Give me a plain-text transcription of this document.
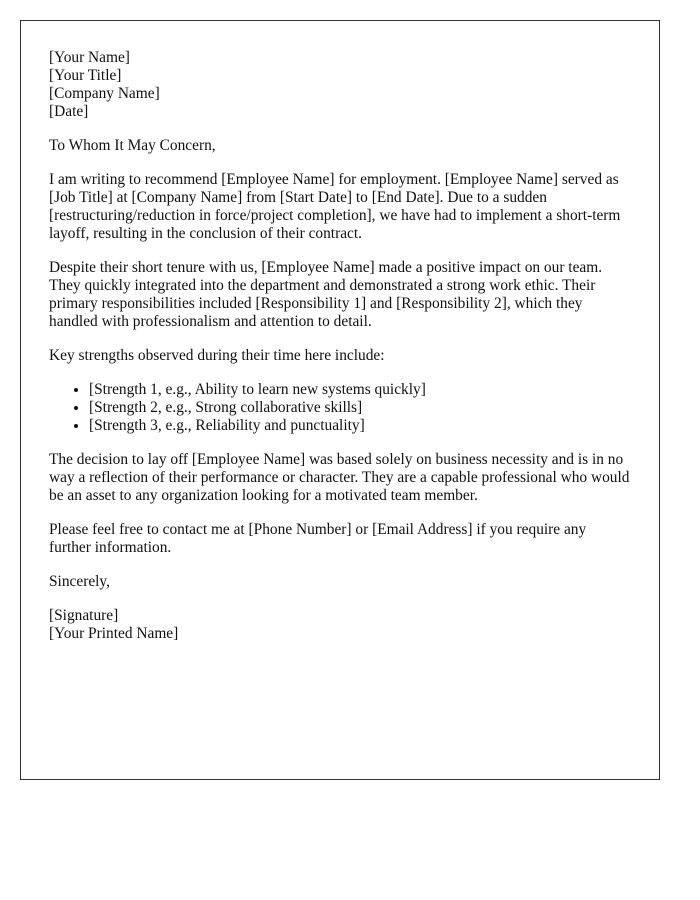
[Your Name]
[Your Title]
[Company Name]
[Date]

To Whom It May Concern,

I am writing to recommend [Employee Name] for employment. [Employee Name] served as [Job Title] at [Company Name] from [Start Date] to [End Date]. Due to a sudden [restructuring/reduction in force/project completion], we have had to implement a short-term layoff, resulting in the conclusion of their contract.

Despite their short tenure with us, [Employee Name] made a positive impact on our team. They quickly integrated into the department and demonstrated a strong work ethic. Their primary responsibilities included [Responsibility 1] and [Responsibility 2], which they handled with professionalism and attention to detail.

Key strengths observed during their time here include:

• [Strength 1, e.g., Ability to learn new systems quickly]
• [Strength 2, e.g., Strong collaborative skills]
• [Strength 3, e.g., Reliability and punctuality]

The decision to lay off [Employee Name] was based solely on business necessity and is in no way a reflection of their performance or character. They are a capable professional who would be an asset to any organization looking for a motivated team member.

Please feel free to contact me at [Phone Number] or [Email Address] if you require any further information.

Sincerely,

[Signature]
[Your Printed Name]
